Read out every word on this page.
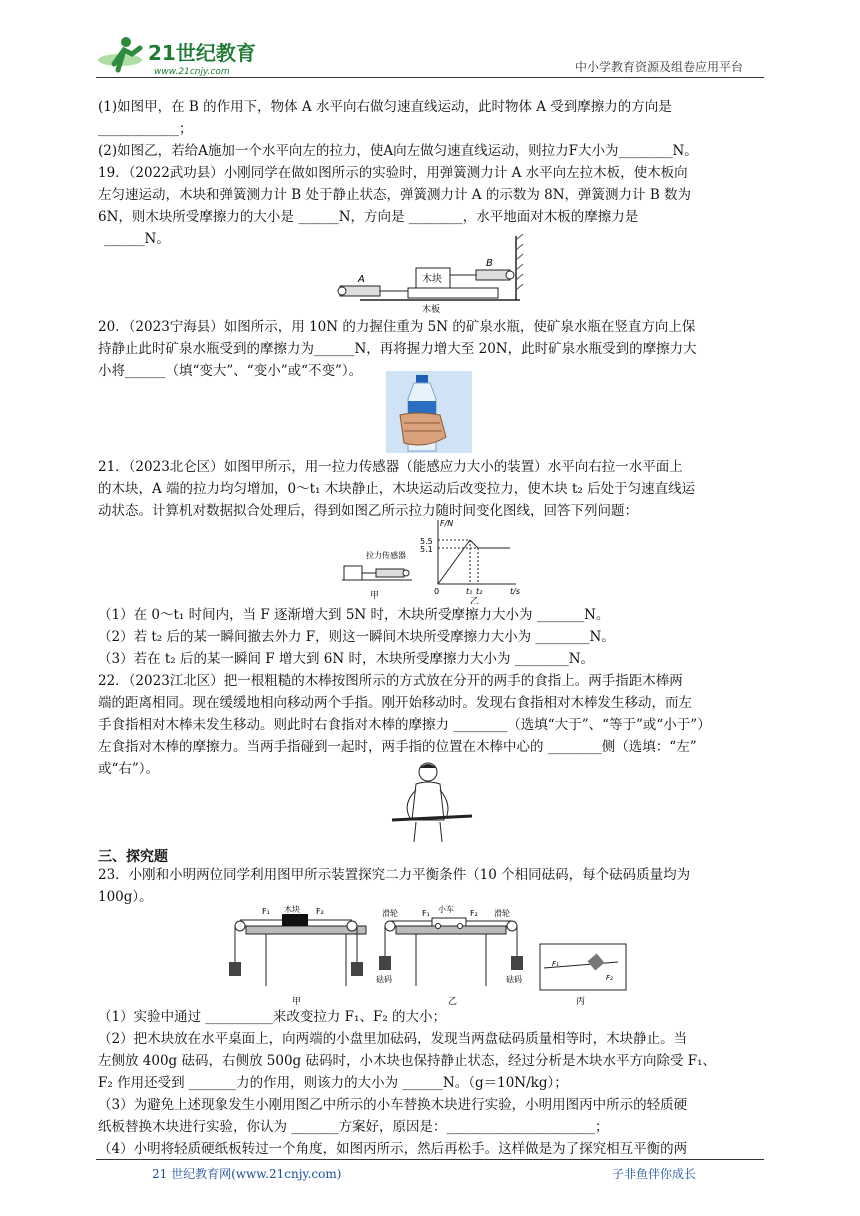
21世纪教育
www.21cnjy.com	中小学教育资源及组卷应用平台
(1)如图甲，在 B 的作用下，物体 A 水平向右做匀速直线运动，此时物体 A 受到摩擦力的方向是
____________；
(2)如图乙，若给A施加一个水平向左的拉力，使A向左做匀速直线运动，则拉力F大小为________N。
19．（2022武功县）小刚同学在做如图所示的实验时，用弹簧测力计 A 水平向左拉木板，使木板向
左匀速运动，木块和弹簧测力计 B 处于静止状态，弹簧测力计 A 的示数为 8N，弹簧测力计 B 数为
6N，则木块所受摩擦力的大小是 ______N，方向是 ________，水平地面对木板的摩擦力是
______N。
木块
A
B
木板
20．（2023宁海县）如图所示，用 10N 的力握住重为 5N 的矿泉水瓶，使矿泉水瓶在竖直方向上保
持静止此时矿泉水瓶受到的摩擦力为______N，再将握力增大至 20N，此时矿泉水瓶受到的摩擦力大
小将______（填“变大”、“变小”或“不变”）。
21．（2023北仑区）如图甲所示，用一拉力传感器（能感应力大小的装置）水平向右拉一水平面上
的木块，A 端的拉力均匀增加，0～t₁ 木块静止，木块运动后改变拉力，使木块 t₂ 后处于匀速直线运
动状态。计算机对数据拟合处理后，得到如图乙所示拉力随时间变化图线，回答下列问题：
拉力传感器
甲
F/N
t/s
0
5.5
5.1
t₁ t₂
乙
（1）在 0～t₁ 时间内，当 F 逐渐增大到 5N 时，木块所受摩擦力大小为 _______N。
（2）若 t₂ 后的某一瞬间撤去外力 F，则这一瞬间木块所受摩擦力大小为 ________N。
（3）若在 t₂ 后的某一瞬间 F 增大到 6N 时，木块所受摩擦力大小为 ________N。
22．（2023江北区）把一根粗糙的木棒按图所示的方式放在分开的两手的食指上。两手指距木棒两
端的距离相同。现在缓缓地相向移动两个手指。刚开始移动时。发现右食指相对木棒发生移动，而左
手食指相对木棒未发生移动。则此时右食指对木棒的摩擦力 ________（选填“大于”、“等于”或“小于”）
左食指对木棒的摩擦力。当两手指碰到一起时，两手指的位置在木棒中心的 ________侧（选填：“左”
或“右”）。
三、探究题
23．小刚和小明两位同学利用图甲所示装置探究二力平衡条件（10 个相同砝码，每个砝码质量均为
100g）。
木块
F₁	F₂
甲
小车
F₁	F₂
滑轮	滑轮
砝码	砝码
乙
F₁
F₂
丙
（1）实验中通过 __________来改变拉力 F₁、F₂ 的大小；
（2）把木块放在水平桌面上，向两端的小盘里加砝码，发现当两盘砝码质量相等时，木块静止。当
左侧放 400g 砝码，右侧放 500g 砝码时，小木块也保持静止状态，经过分析是木块水平方向除受 F₁、
F₂ 作用还受到 _______力的作用，则该力的大小为 ______N。（g＝10N/kg）；
（3）为避免上述现象发生小刚用图乙中所示的小车替换木块进行实验，小明用图丙中所示的轻质硬
纸板替换木块进行实验，你认为 _______方案好，原因是：______________________；
（4）小明将轻质硬纸板转过一个角度，如图丙所示，然后再松手。这样做是为了探究相互平衡的两
21 世纪教育网(www.21cnjy.com)	子非鱼伴你成长
